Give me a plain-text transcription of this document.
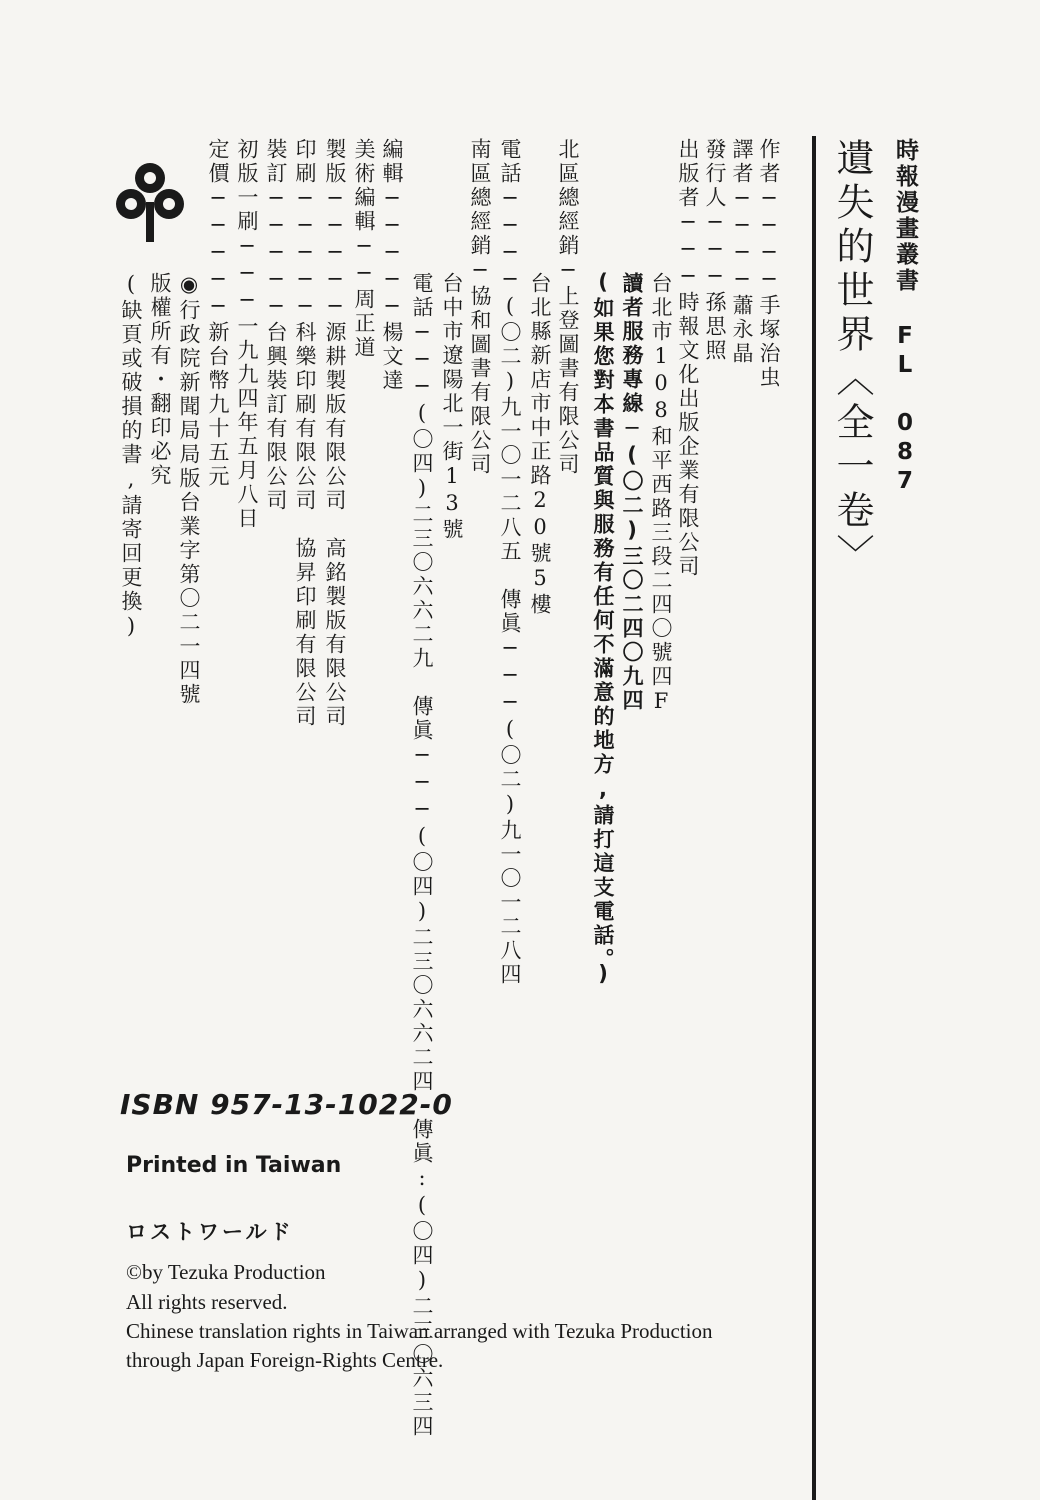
時報漫畫叢書 FL 087
遺失的世界〈全一卷〉
作者────手塚治虫
譯者────蕭永晶
發行人───孫思照
出版者───時報文化出版企業有限公司
台北市108和平西路三段二四〇號四F
讀者服務專線─(〇二)三〇二四〇九四
(如果您對本書品質與服務有任何不滿意的地方,請打這支電話。)
北區總經銷─上登圖書有限公司
台北縣新店市中正路20號5樓
電話────(〇二)九一〇一二八五　傳眞───(〇二)九一〇一二八四
南區總經銷─協和圖書有限公司
台中市遼陽北一街13號
電話───(〇四)二三〇六六二九　傳眞───(〇四)二三〇六六二四　傳眞:(〇四)二三〇六三四
編輯─────楊文達
美術編輯──周正道
製版─────源耕製版有限公司　高銘製版有限公司
印刷─────科樂印刷有限公司　協昇印刷有限公司
裝訂─────台興裝訂有限公司
初版一刷───一九九四年五月八日
定價─────新台幣九十五元
◉行政院新聞局局版台業字第〇二一四號
版權所有・翻印必究
(缺頁或破損的書,請寄回更換)
ISBN 957-13-1022-0
Printed in Taiwan
ロストワールド
©by Tezuka Production
All rights reserved.
Chinese translation rights in Taiwan arranged with Tezuka Production
through Japan Foreign-Rights Centre.
